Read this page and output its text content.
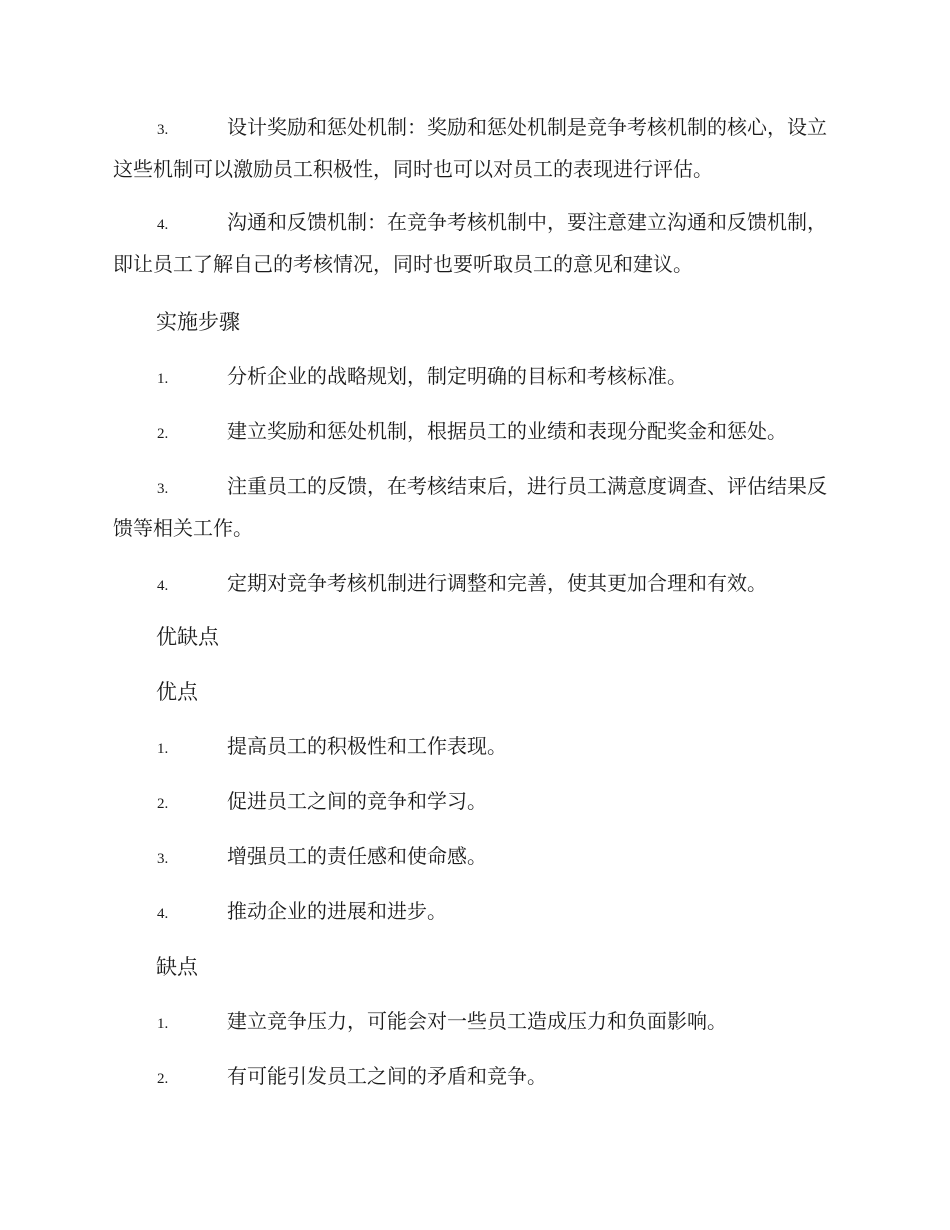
3.	设计奖励和惩处机制：奖励和惩处机制是竞争考核机制的核心，设立这些机制可以激励员工积极性，同时也可以对员工的表现进行评估。

4.	沟通和反馈机制：在竞争考核机制中，要注意建立沟通和反馈机制，即让员工了解自己的考核情况，同时也要听取员工的意见和建议。

实施步骤

1.	分析企业的战略规划，制定明确的目标和考核标准。

2.	建立奖励和惩处机制，根据员工的业绩和表现分配奖金和惩处。

3.	注重员工的反馈，在考核结束后，进行员工满意度调查、评估结果反馈等相关工作。

4.	定期对竞争考核机制进行调整和完善，使其更加合理和有效。

优缺点
优点

1.	提高员工的积极性和工作表现。

2.	促进员工之间的竞争和学习。

3.	增强员工的责任感和使命感。

4.	推动企业的进展和进步。

缺点

1.	建立竞争压力，可能会对一些员工造成压力和负面影响。

2.	有可能引发员工之间的矛盾和竞争。
